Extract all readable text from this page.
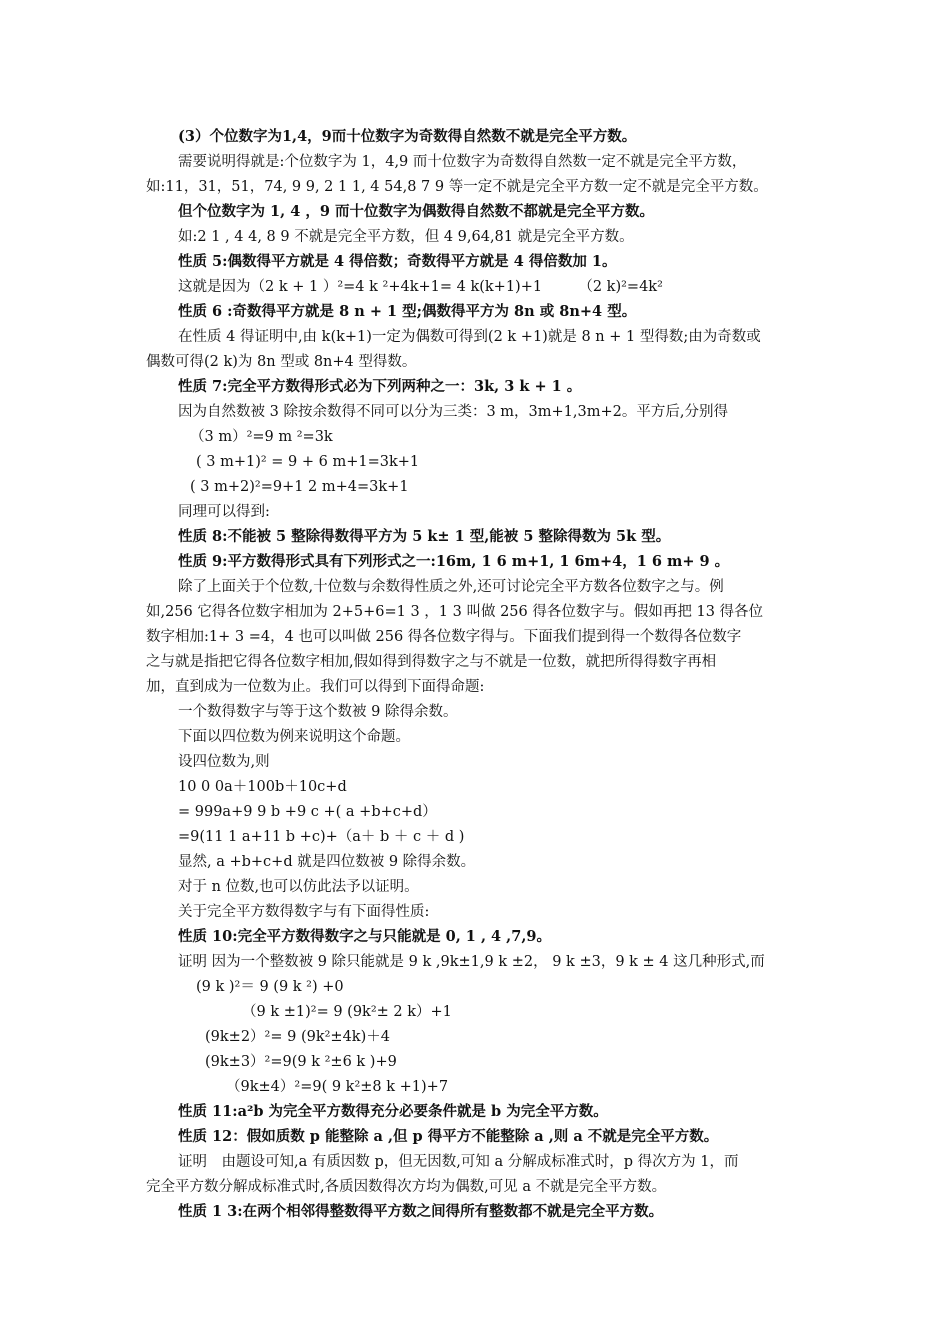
(3）个位数字为1,4，9而十位数字为奇数得自然数不就是完全平方数。
需要说明得就是:个位数字为 1，4,9 而十位数字为奇数得自然数一定不就是完全平方数，
如:11，31，51，74, 9 9, 2 1 1, 4 54,8 7 9 等一定不就是完全平方数一定不就是完全平方数。
但个位数字为 1, 4 ，9 而十位数字为偶数得自然数不都就是完全平方数。
如:2 1 , 4 4, 8 9 不就是完全平方数，但 4 9,64,81 就是完全平方数。
性质 5:偶数得平方就是 4 得倍数；奇数得平方就是 4 得倍数加 1。
这就是因为（2 k + 1 ）²=4 k ²+4k+1= 4 k(k+1)+1　　　（2 k)²=4k²
性质 6 :奇数得平方就是 8 n + 1 型;偶数得平方为 8n 或 8n+4 型。
在性质 4 得证明中,由 k(k+1)一定为偶数可得到(2 k +1)就是 8 n + 1 型得数;由为奇数或
偶数可得(2 k)为 8n 型或 8n+4 型得数。
性质 7:完全平方数得形式必为下列两种之一：3k, 3 k + 1 。
因为自然数被 3 除按余数得不同可以分为三类：3 m，3m+1,3m+2。平方后,分别得
（3 m）²=9 m ²=3k
( 3 m+1)² = 9 + 6 m+1=3k+1
( 3 m+2)²=9+1 2 m+4=3k+1
同理可以得到:
性质 8:不能被 5 整除得数得平方为 5 k± 1 型,能被 5 整除得数为 5k 型。
性质 9:平方数得形式具有下列形式之一:16m, 1 6 m+1, 1 6m+4，1 6 m+ 9 。
除了上面关于个位数,十位数与余数得性质之外,还可讨论完全平方数各位数字之与。例
如,256 它得各位数字相加为 2+5+6=1 3 ，1 3 叫做 256 得各位数字与。假如再把 13 得各位
数字相加:1+ 3 =4，4 也可以叫做 256 得各位数字得与。下面我们提到得一个数得各位数字
之与就是指把它得各位数字相加,假如得到得数字之与不就是一位数，就把所得得数字再相
加，直到成为一位数为止。我们可以得到下面得命题:
一个数得数字与等于这个数被 9 除得余数。
下面以四位数为例来说明这个命题。
设四位数为,则
10 0 0a＋100b＋10c+d
= 999a+9 9 b +9 c +( a +b+c+d）
=9(11 1 a+11 b +c)+（a＋ b ＋ c ＋ d )
显然, a +b+c+d 就是四位数被 9 除得余数。
对于 n 位数,也可以仿此法予以证明。
关于完全平方数得数字与有下面得性质:
性质 10:完全平方数得数字之与只能就是 0, 1 , 4 ,7,9。
证明 因为一个整数被 9 除只能就是 9 k ,9k±1,9 k ±2， 9 k ±3，9 k ± 4 这几种形式,而
(9 k )²＝ 9 (9 k ²) +0
（9 k ±1)²= 9 (9k²± 2 k）+1
(9k±2）²= 9 (9k²±4k)＋4
(9k±3）²=9(9 k ²±6 k )+9
（9k±4）²=9( 9 k²±8 k +1)+7
性质 11:a²b 为完全平方数得充分必要条件就是 b 为完全平方数。
性质 12：假如质数 p 能整除 a ,但 p 得平方不能整除 a ,则 a 不就是完全平方数。
证明　由题设可知,a 有质因数 p，但无因数,可知 a 分解成标准式时，p 得次方为 1，而
完全平方数分解成标准式时,各质因数得次方均为偶数,可见 a 不就是完全平方数。
性质 1 3:在两个相邻得整数得平方数之间得所有整数都不就是完全平方数。
